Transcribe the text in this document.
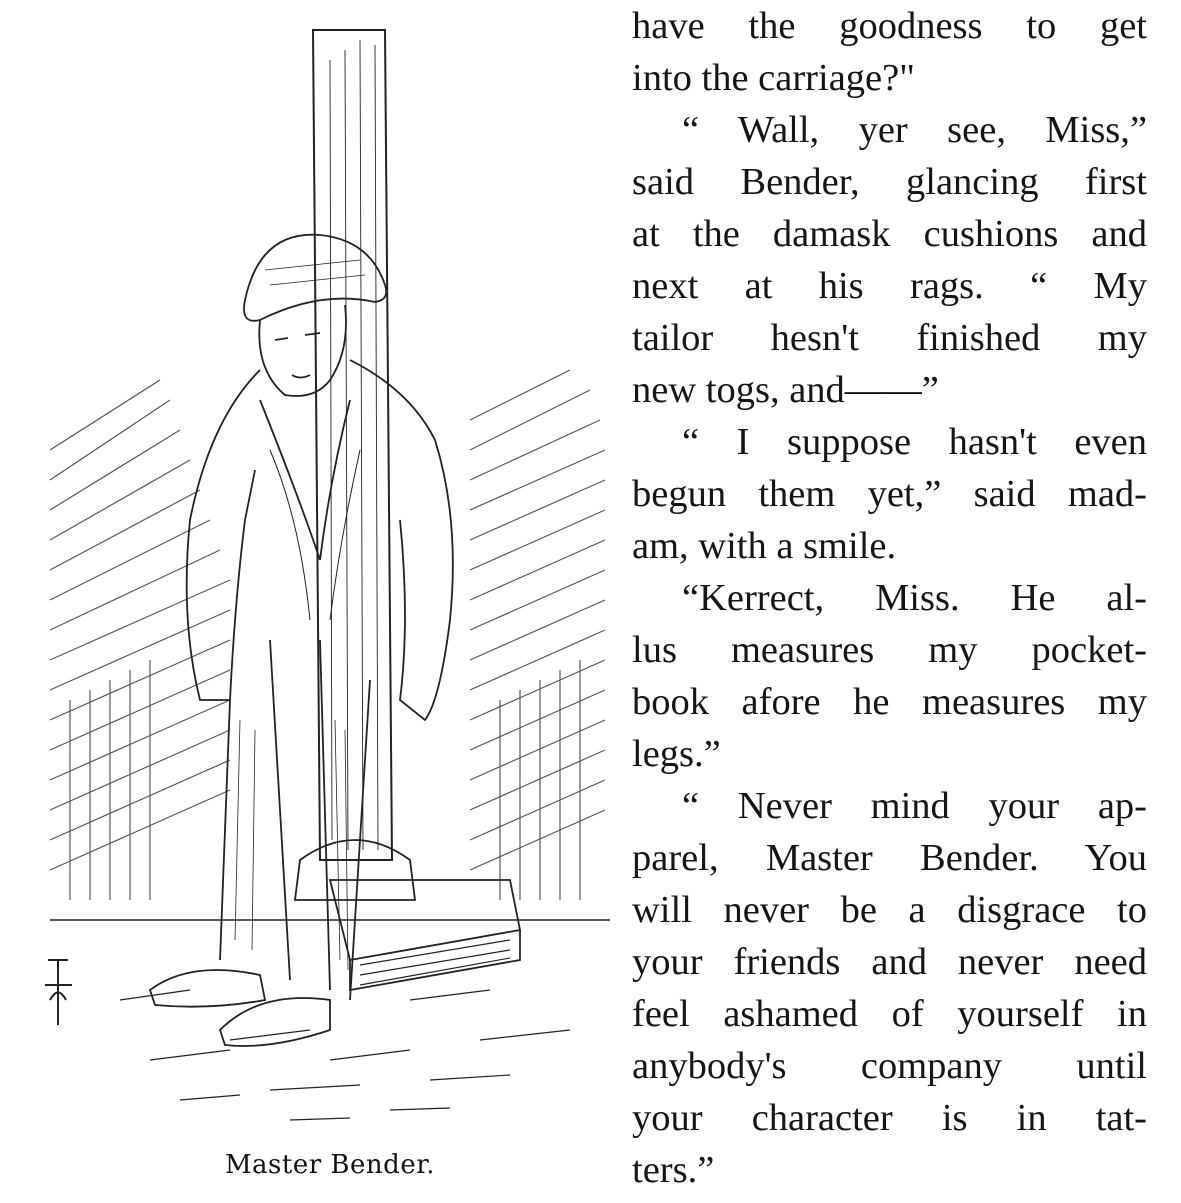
Master Bender.
have the goodness to get
into the carriage?"
“ Wall, yer see, Miss,”
said Bender, glancing first
at the damask cushions and
next at his rags. “ My
tailor hesn't finished my
new togs, and——”
“ I suppose hasn't even
begun them yet,” said mad-
am, with a smile.
“Kerrect, Miss. He al-
lus measures my pocket-
book afore he measures my
legs.”
“ Never mind your ap-
parel, Master Bender. You
will never be a disgrace to
your friends and never need
feel ashamed of yourself in
anybody's company until
your character is in tat-
ters.”
